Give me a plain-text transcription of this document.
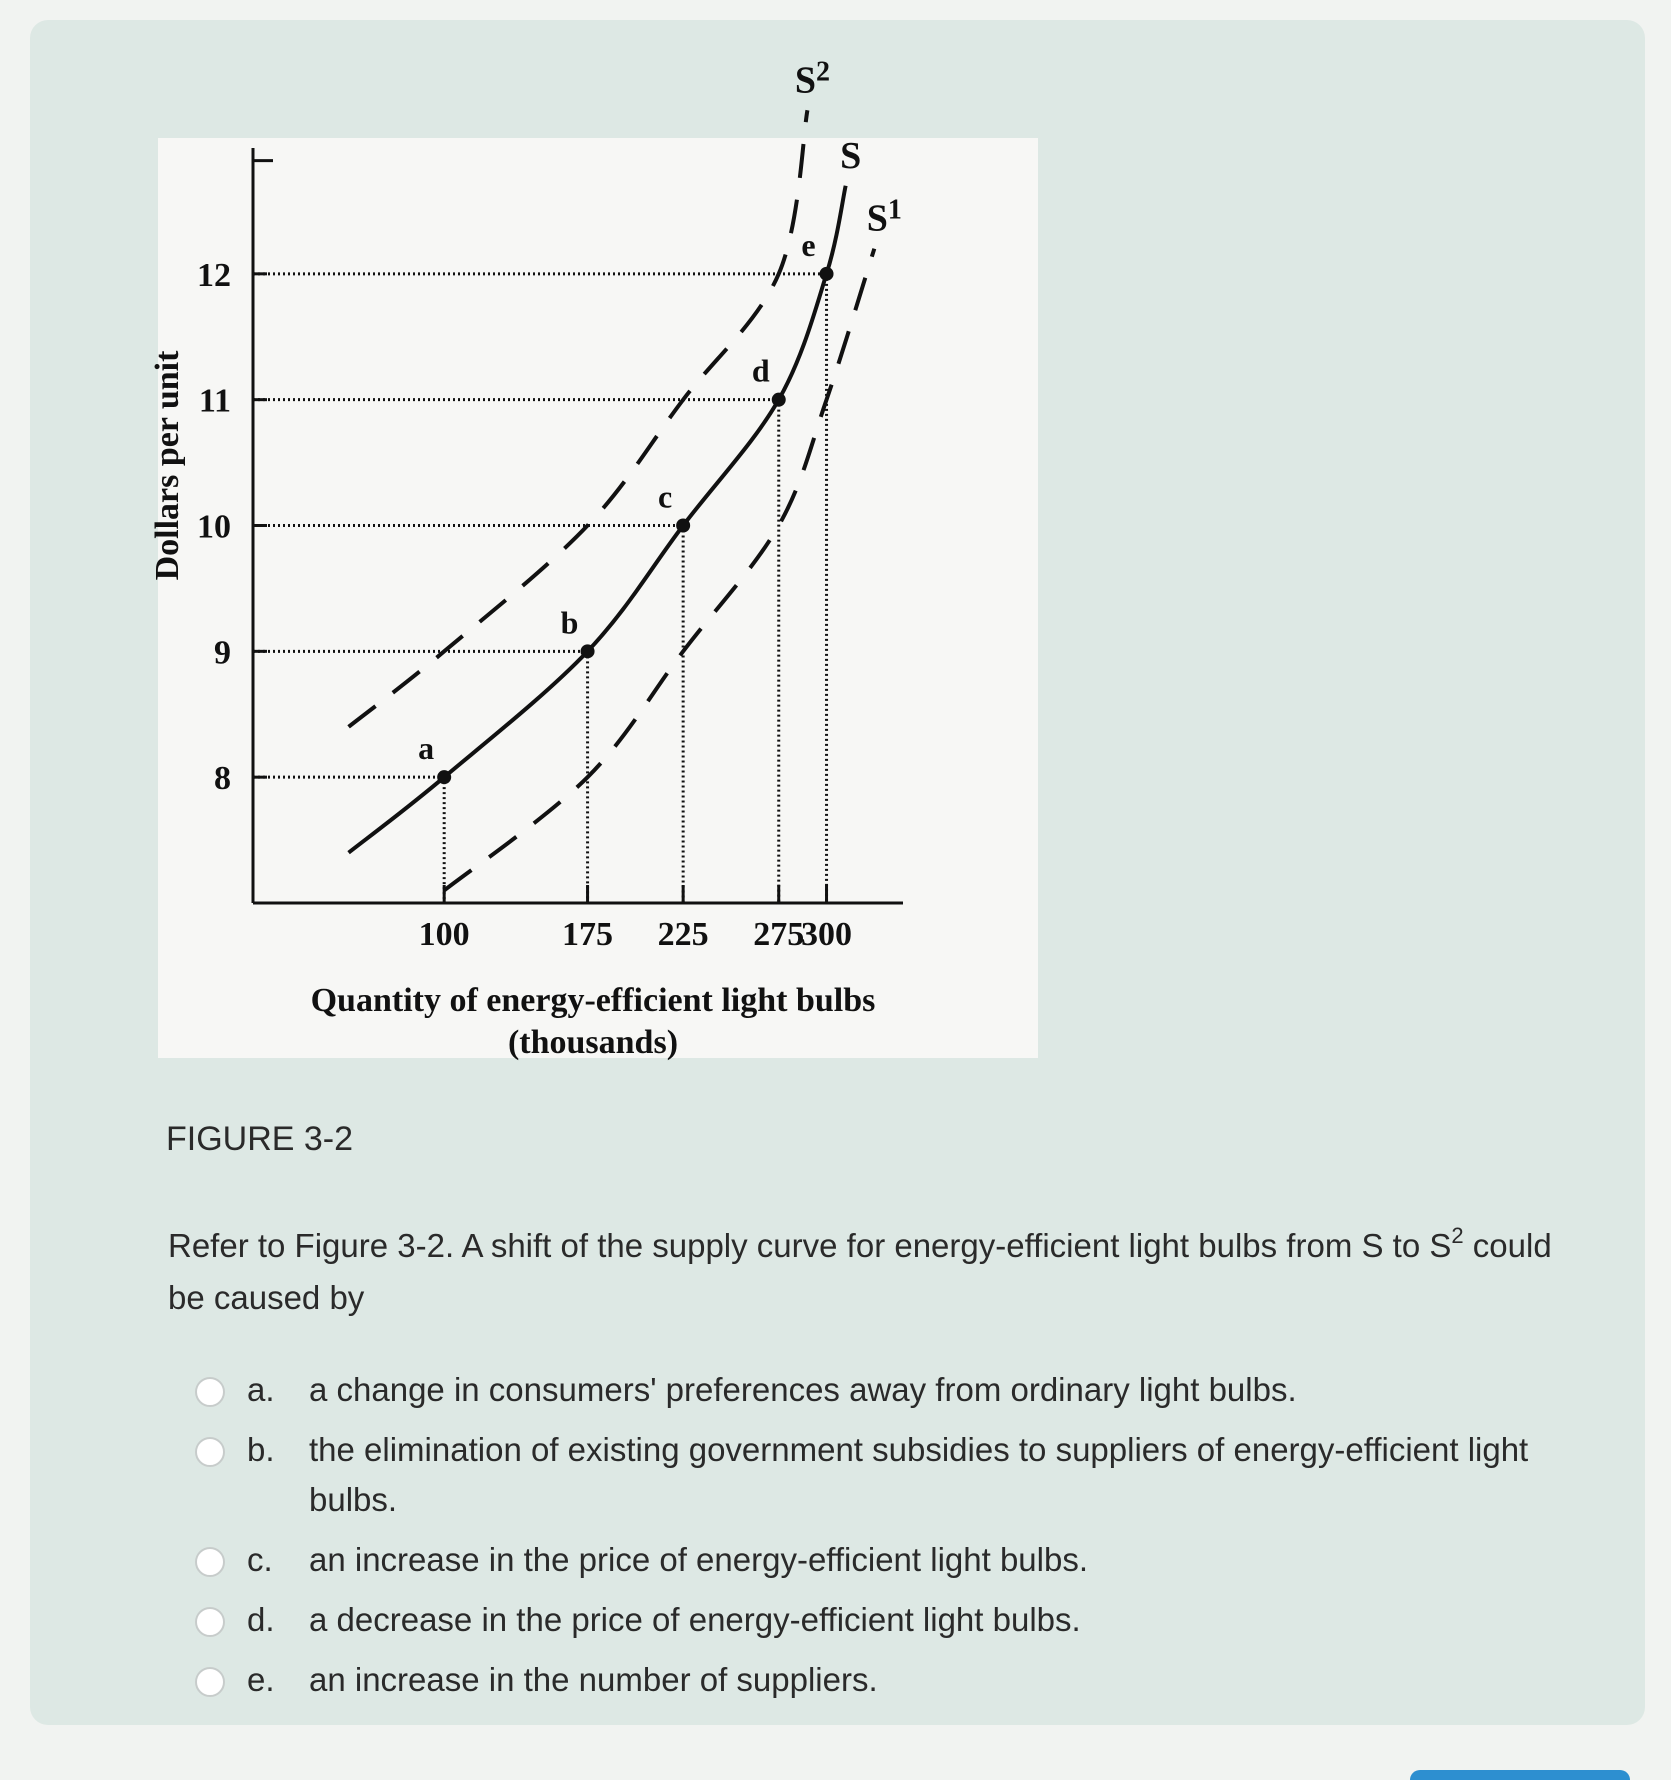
8
9
10
11
12
100	175 225 275
300
S
$S^2$
$S^1$
a
b
c
d
e
Dollars per unit
Quantity of energy-efficient light bulbs
(thousands)
FIGURE 3-2
Refer to Figure 3-2. A shift of the supply curve for energy-efficient light bulbs from S to $S^2$ could be caused by
a.	a change in consumers' preferences away from ordinary light bulbs.
b.	the elimination of existing government subsidies to suppliers of energy-efficient light bulbs.
c.	an increase in the price of energy-efficient light bulbs.
d.	a decrease in the price of energy-efficient light bulbs.
e.	an increase in the number of suppliers.
